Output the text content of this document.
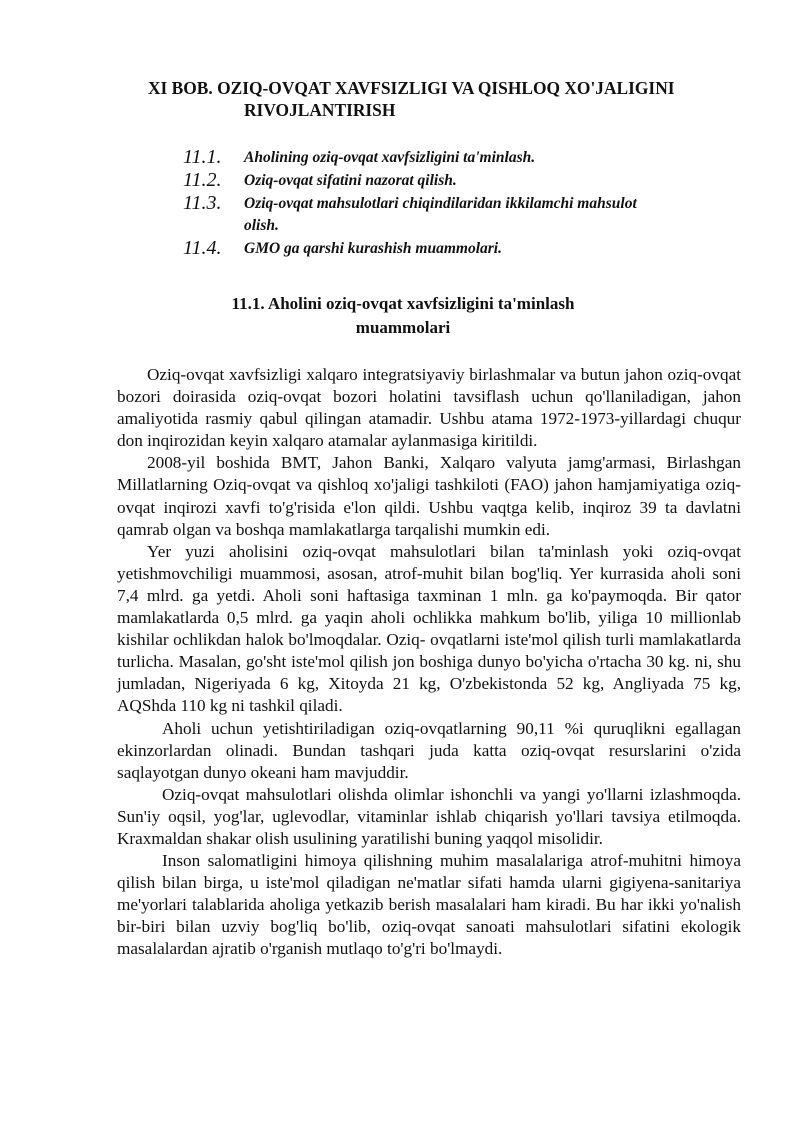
XI BOB. OZIQ-OVQAT XAVFSIZLIGI VA QISHLOQ XO'JALIGINI
RIVOJLANTIRISH
11.1. Aholining oziq-ovqat xavfsizligini ta'minlash.
11.2. Oziq-ovqat sifatini nazorat qilish.
11.3. Oziq-ovqat mahsulotlari chiqindilaridan ikkilamchi mahsulot olish.
11.4. GMO ga qarshi kurashish muammolari.
11.1. Aholini oziq-ovqat xavfsizligini ta'minlash
muammolari

Oziq-ovqat xavfsizligi xalqaro integratsiyaviy birlashmalar va butun jahon oziq-ovqat bozori doirasida oziq-ovqat bozori holatini tavsiflash uchun qo'llaniladigan, jahon amaliyotida rasmiy qabul qilingan atamadir. Ushbu atama 1972-1973-yillardagi chuqur don inqirozidan keyin xalqaro atamalar aylanmasiga kiritildi.

2008-yil boshida BMT, Jahon Banki, Xalqaro valyuta jamg'armasi, Birlashgan Millatlarning Oziq-ovqat va qishloq xo'jaligi tashkiloti (FAO) jahon hamjamiyatiga oziq-ovqat inqirozi xavfi to'g'risida e'lon qildi. Ushbu vaqtga kelib, inqiroz 39 ta davlatni qamrab olgan va boshqa mamlakatlarga tarqalishi mumkin edi.

Yer yuzi aholisini oziq-ovqat mahsulotlari bilan ta'minlash yoki oziq-ovqat yetishmovchiligi muammosi, asosan, atrof-muhit bilan bog'liq. Yer kurrasida aholi soni 7,4 mlrd. ga yetdi. Aholi soni haftasiga taxminan 1 mln. ga ko'paymoqda. Bir qator mamlakatlarda 0,5 mlrd. ga yaqin aholi ochlikka mahkum bo'lib, yiliga 10 millionlab kishilar ochlikdan halok bo'lmoqdalar. Oziq- ovqatlarni iste'mol qilish turli mamlakatlarda turlicha. Masalan, go'sht iste'mol qilish jon boshiga dunyo bo'yicha o'rtacha 30 kg. ni, shu jumladan, Nigeriyada 6 kg, Xitoyda 21 kg, O'zbekistonda 52 kg, Angliyada 75 kg, AQShda 110 kg ni tashkil qiladi.

Aholi uchun yetishtiriladigan oziq-ovqatlarning 90,11 %i quruqlikni egallagan ekinzorlardan olinadi. Bundan tashqari juda katta oziq-ovqat resurslarini o'zida saqlayotgan dunyo okeani ham mavjuddir.

Oziq-ovqat mahsulotlari olishda olimlar ishonchli va yangi yo'llarni izlashmoqda. Sun'iy oqsil, yog'lar, uglevodlar, vitaminlar ishlab chiqarish yo'llari tavsiya etilmoqda. Kraxmaldan shakar olish usulining yaratilishi buning yaqqol misolidir.

Inson salomatligini himoya qilishning muhim masalalariga atrof-muhitni himoya qilish bilan birga, u iste'mol qiladigan ne'matlar sifati hamda ularni gigiyena-sanitariya me'yorlari talablarida aholiga yetkazib berish masalalari ham kiradi. Bu har ikki yo'nalish bir-biri bilan uzviy bog'liq bo'lib, oziq-ovqat sanoati mahsulotlari sifatini ekologik masalalardan ajratib o'rganish mutlaqo to'g'ri bo'lmaydi.
